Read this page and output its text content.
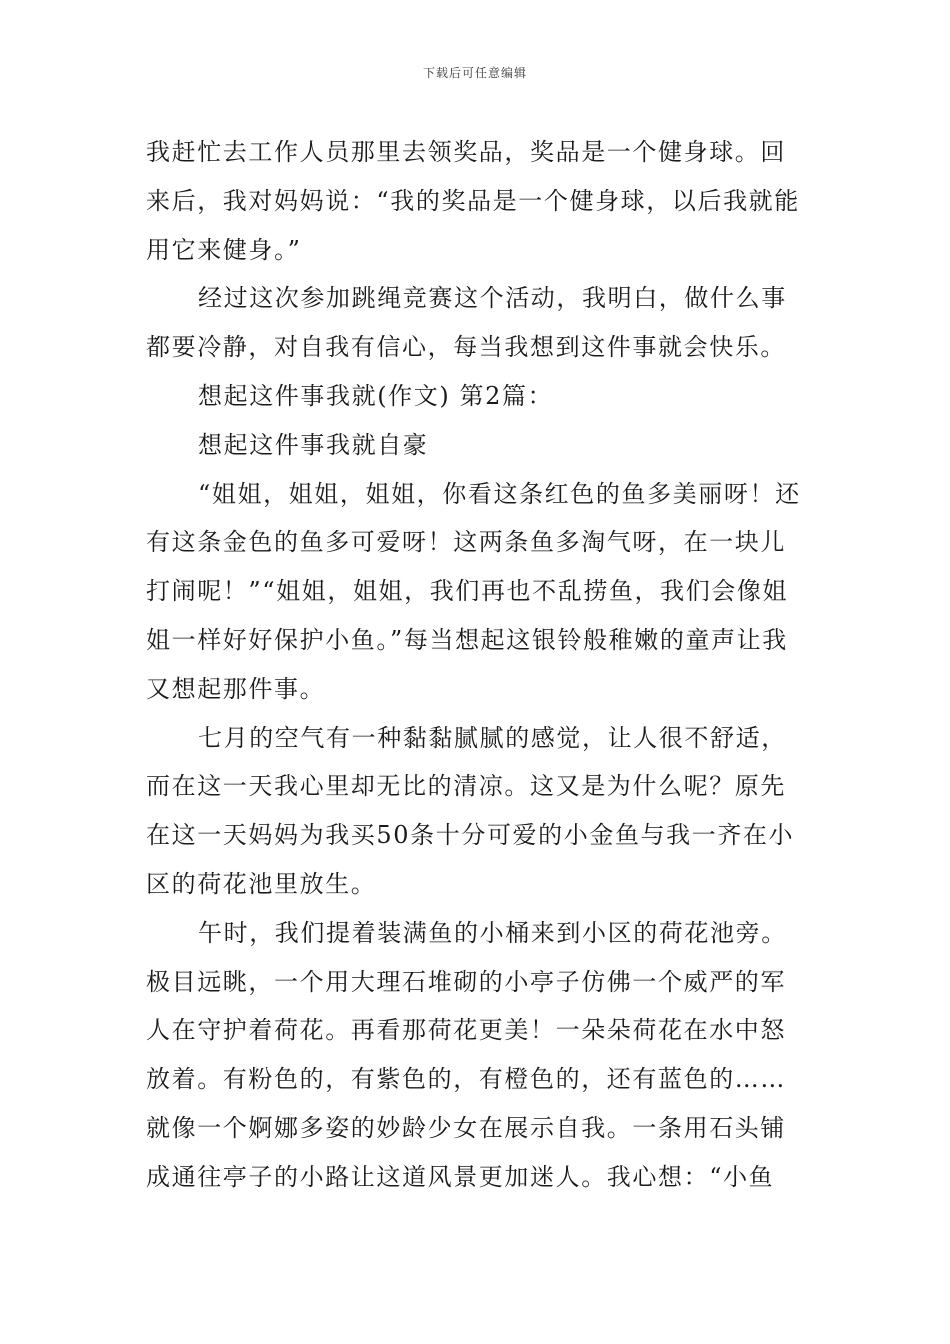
下载后可任意编辑

我赶忙去工作人员那里去领奖品，奖品是一个健身球。回来后，我对妈妈说：“我的奖品是一个健身球，以后我就能用它来健身。”

经过这次参加跳绳竞赛这个活动，我明白，做什么事都要冷静，对自我有信心，每当我想到这件事就会快乐。

想起这件事我就(作文) 第2篇：

想起这件事我就自豪

“姐姐，姐姐，姐姐，你看这条红色的鱼多美丽呀！还有这条金色的鱼多可爱呀！这两条鱼多淘气呀，在一块儿打闹呢！”“姐姐，姐姐，我们再也不乱捞鱼，我们会像姐姐一样好好保护小鱼。”每当想起这银铃般稚嫩的童声让我又想起那件事。

七月的空气有一种黏黏腻腻的感觉，让人很不舒适，而在这一天我心里却无比的清凉。这又是为什么呢？原先在这一天妈妈为我买50条十分可爱的小金鱼与我一齐在小区的荷花池里放生。

午时，我们提着装满鱼的小桶来到小区的荷花池旁。极目远眺，一个用大理石堆砌的小亭子仿佛一个威严的军人在守护着荷花。再看那荷花更美！一朵朵荷花在水中怒放着。有粉色的，有紫色的，有橙色的，还有蓝色的……就像一个婀娜多姿的妙龄少女在展示自我。一条用石头铺成通往亭子的小路让这道风景更加迷人。我心想：“小鱼
